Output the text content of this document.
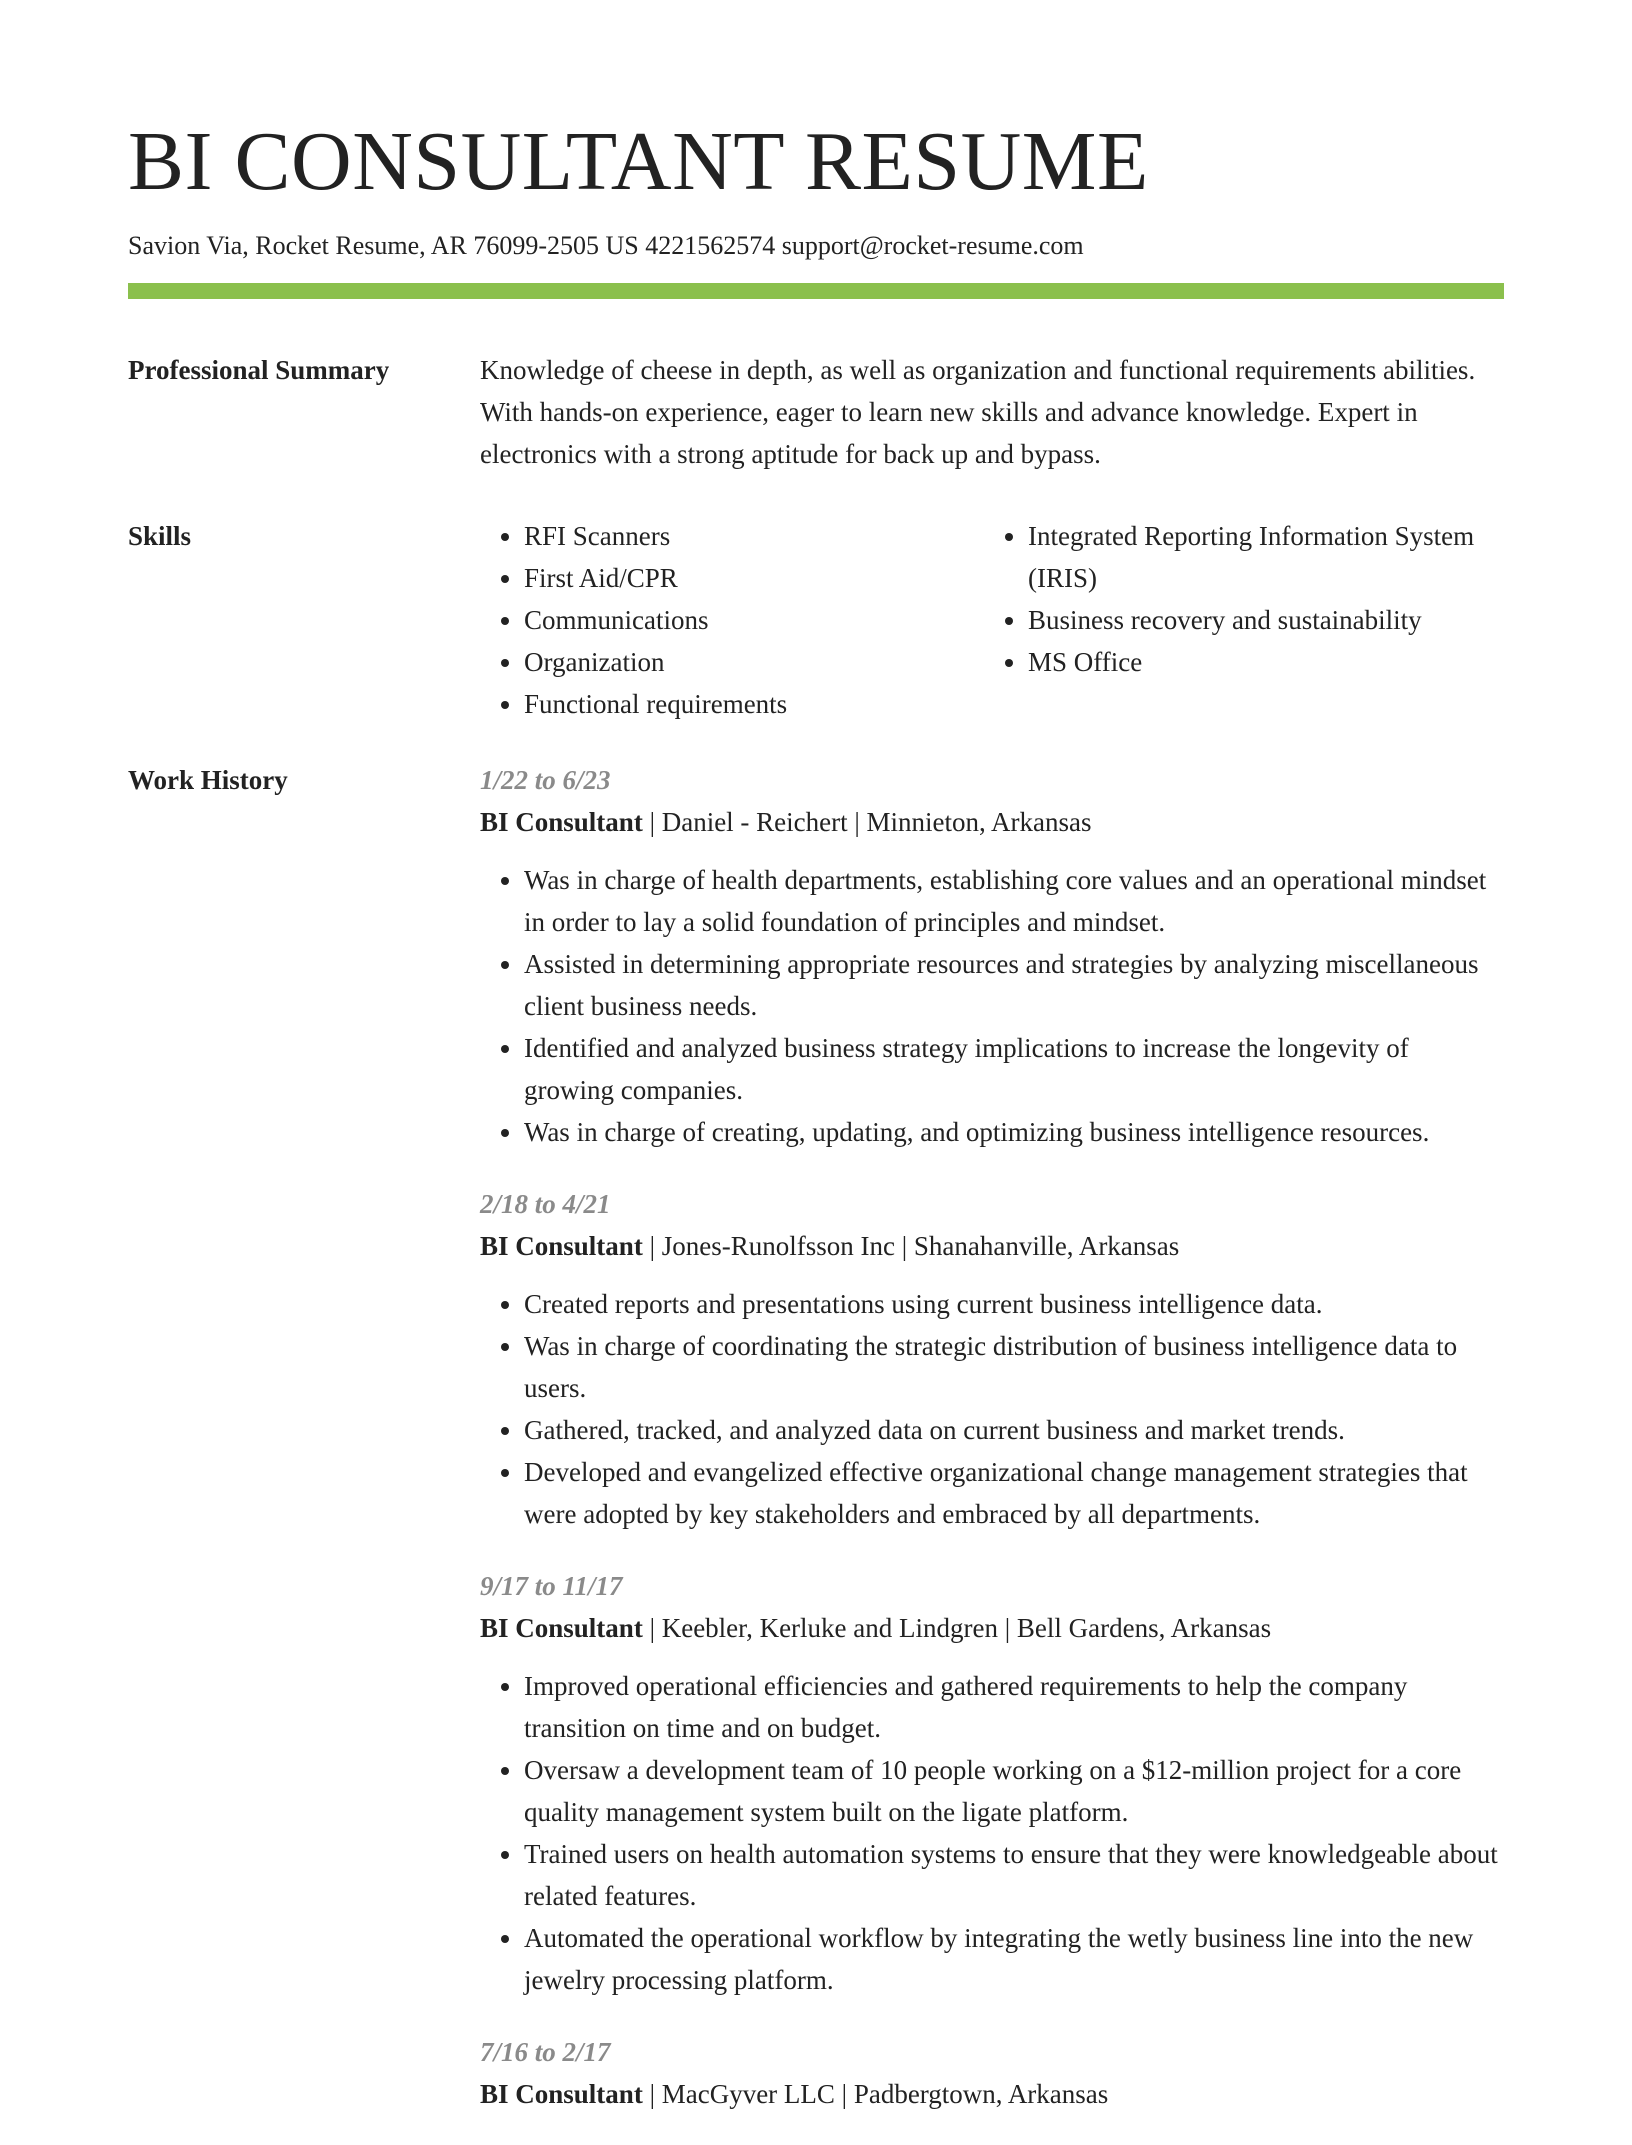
BI CONSULTANT RESUME
Savion Via, Rocket Resume, AR 76099-2505 US 4221562574 support@rocket-resume.com
Professional Summary	Knowledge of cheese in depth, as well as organization and functional requirements abilities. With hands-on experience, eager to learn new skills and advance knowledge. Expert in electronics with a strong aptitude for back up and bypass.

Skills
•	RFI Scanners
• First Aid/CPR
• Communications
• Organization
• Functional requirements
• Integrated Reporting Information System (IRIS)
• Business recovery and sustainability
• MS Office
Work History	1/22 to 6/23
BI Consultant | Daniel - Reichert | Minnieton, Arkansas
• Was in charge of health departments, establishing core values and an operational mindset in order to lay a solid foundation of principles and mindset.
• Assisted in determining appropriate resources and strategies by analyzing miscellaneous client business needs.
• Identified and analyzed business strategy implications to increase the longevity of growing companies.
• Was in charge of creating, updating, and optimizing business intelligence resources.
2/18 to 4/21
BI Consultant | Jones-Runolfsson Inc | Shanahanville, Arkansas
• Created reports and presentations using current business intelligence data.
• Was in charge of coordinating the strategic distribution of business intelligence data to users.
• Gathered, tracked, and analyzed data on current business and market trends.
• Developed and evangelized effective organizational change management strategies that were adopted by key stakeholders and embraced by all departments.
9/17 to 11/17
BI Consultant | Keebler, Kerluke and Lindgren | Bell Gardens, Arkansas
• Improved operational efficiencies and gathered requirements to help the company transition on time and on budget.
• Oversaw a development team of 10 people working on a $12-million project for a core quality management system built on the ligate platform.
• Trained users on health automation systems to ensure that they were knowledgeable about related features.
• Automated the operational workflow by integrating the wetly business line into the new jewelry processing platform.
7/16 to 2/17
BI Consultant | MacGyver LLC | Padbergtown, Arkansas
